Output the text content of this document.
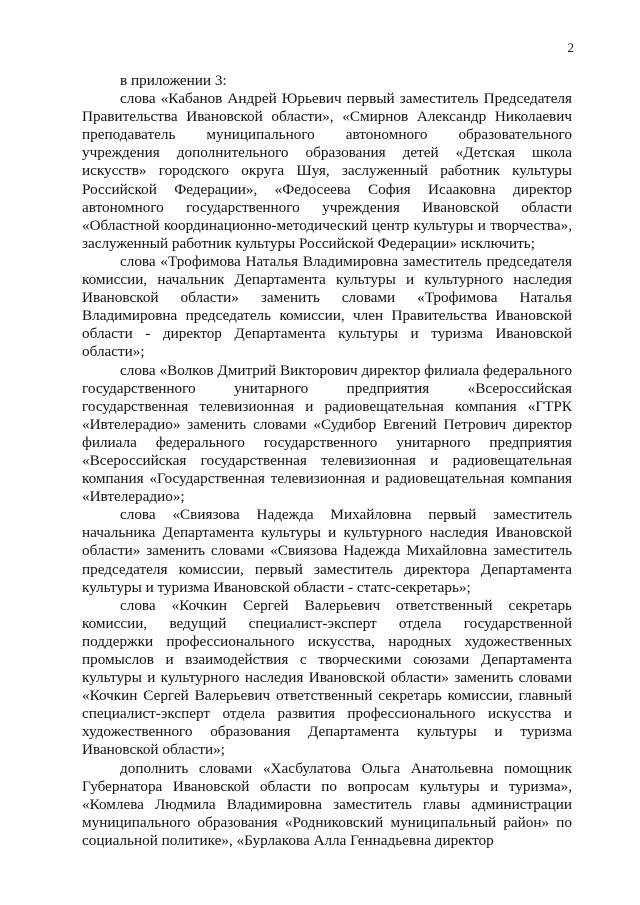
2

в приложении 3:

слова «Кабанов Андрей Юрьевич первый заместитель Председателя Правительства Ивановской области», «Смирнов Александр Николаевич преподаватель муниципального автономного образовательного учреждения дополнительного образования детей «Детская школа искусств» городского округа Шуя, заслуженный работник культуры Российской Федерации», «Федосеева София Исааковна директор автономного государственного учреждения Ивановской области «Областной координационно-методический центр культуры и творчества», заслуженный работник культуры Российской Федерации» исключить;

слова «Трофимова Наталья Владимировна заместитель председателя комиссии, начальник Департамента культуры и культурного наследия Ивановской области» заменить словами «Трофимова Наталья Владимировна председатель комиссии, член Правительства Ивановской области - директор Департамента культуры и туризма Ивановской области»;

слова «Волков Дмитрий Викторович директор филиала федерального государственного унитарного предприятия «Всероссийская государственная телевизионная и радиовещательная компания «ГТРК «Ивтелерадио» заменить словами «Судибор Евгений Петрович директор филиала федерального государственного унитарного предприятия «Всероссийская государственная телевизионная и радиовещательная компания «Государственная телевизионная и радиовещательная компания «Ивтелерадио»;

слова «Свиязова Надежда Михайловна первый заместитель начальника Департамента культуры и культурного наследия Ивановской области» заменить словами «Свиязова Надежда Михайловна заместитель председателя комиссии, первый заместитель директора Департамента культуры и туризма Ивановской области - статс-секретарь»;

слова «Кочкин Сергей Валерьевич ответственный секретарь комиссии, ведущий специалист-эксперт отдела государственной поддержки профессионального искусства, народных художественных промыслов и взаимодействия с творческими союзами Департамента культуры и культурного наследия Ивановской области» заменить словами «Кочкин Сергей Валерьевич ответственный секретарь комиссии, главный специалист-эксперт отдела развития профессионального искусства и художественного образования Департамента культуры и туризма Ивановской области»;

дополнить словами «Хасбулатова Ольга Анатольевна помощник Губернатора Ивановской области по вопросам культуры и туризма», «Комлева Людмила Владимировна заместитель главы администрации муниципального образования «Родниковский муниципальный район» по социальной политике», «Бурлакова Алла Геннадьевна директор
